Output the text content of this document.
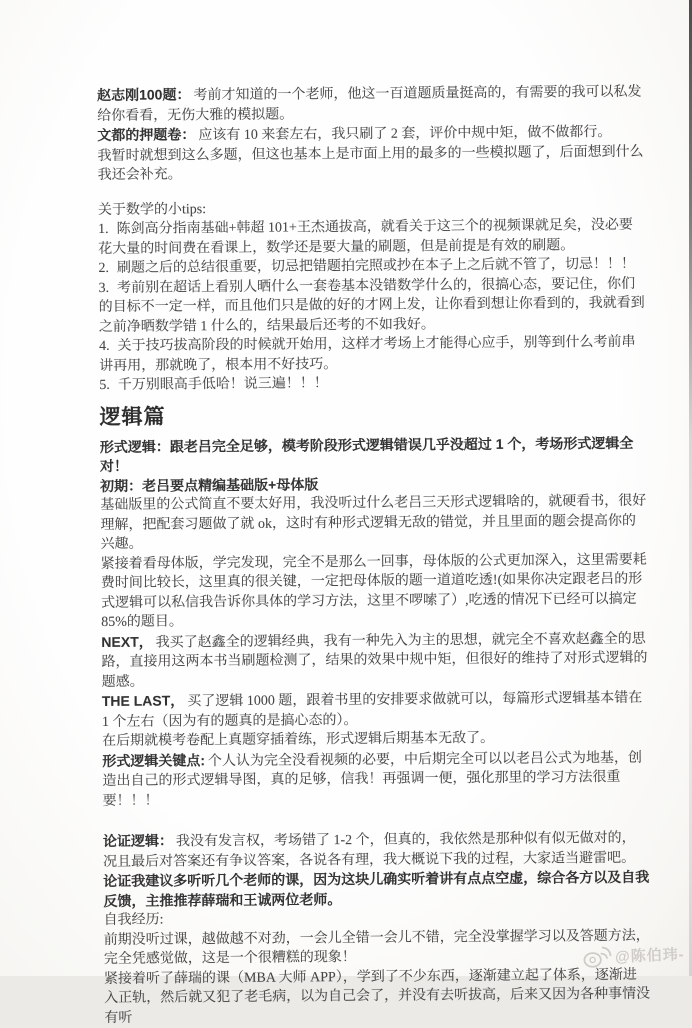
赵志刚100题： 考前才知道的一个老师，他这一百道题质量挺高的，有需要的我可以私发给你看看，无伤大雅的模拟题。

文都的押题卷： 应该有 10 来套左右，我只刷了 2 套，评价中规中矩，做不做都行。

我暂时就想到这么多题，但这也基本上是市面上用的最多的一些模拟题了，后面想到什么我还会补充。

关于数学的小tips:

1. 陈剑高分指南基础+韩超 101+王杰通拔高，就看关于这三个的视频课就足矣，没必要花大量的时间费在看课上，数学还是要大量的刷题，但是前提是有效的刷题。

2. 刷题之后的总结很重要，切忌把错题拍完照或抄在本子上之后就不管了，切忌！！！

3. 考前别在超话上看别人晒什么一套卷基本没错数学什么的，很搞心态，要记住，你们的目标不一定一样，而且他们只是做的好的才网上发，让你看到想让你看到的，我就看到之前净晒数学错 1 什么的，结果最后还考的不如我好。

4. 关于技巧拔高阶段的时候就开始用，这样才考场上才能得心应手，别等到什么考前串讲再用，那就晚了，根本用不好技巧。

5. 千万别眼高手低哈！说三遍！！！

逻辑篇

形式逻辑：跟老吕完全足够，模考阶段形式逻辑错误几乎没超过 1 个，考场形式逻辑全对！

初期：老吕要点精编基础版+母体版

基础版里的公式简直不要太好用，我没听过什么老吕三天形式逻辑啥的，就硬看书，很好理解，把配套习题做了就 ok，这时有种形式逻辑无敌的错觉，并且里面的题会提高你的兴趣。

紧接着看母体版，学完发现，完全不是那么一回事，母体版的公式更加深入，这里需要耗费时间比较长，这里真的很关键，一定把母体版的题一道道吃透!(如果你决定跟老吕的形式逻辑可以私信我告诉你具体的学习方法，这里不啰嗦了）,吃透的情况下已经可以搞定 85%的题目。

NEXT， 我买了赵鑫全的逻辑经典，我有一种先入为主的思想，就完全不喜欢赵鑫全的思路，直接用这两本书当刷题检测了，结果的效果中规中矩，但很好的维持了对形式逻辑的题感。

THE LAST， 买了逻辑 1000 题，跟着书里的安排要求做就可以，每篇形式逻辑基本错在 1 个左右（因为有的题真的是搞心态的）。

在后期就模考卷配上真题穿插着练，形式逻辑后期基本无敌了。

形式逻辑关键点: 个人认为完全没看视频的必要，中后期完全可以以老吕公式为地基，创造出自己的形式逻辑导图，真的足够，信我！再强调一便，强化那里的学习方法很重要！！！

论证逻辑： 我没有发言权，考场错了 1-2 个，但真的，我依然是那种似有似无做对的，况且最后对答案还有争议答案，各说各有理，我大概说下我的过程，大家适当避雷吧。

论证我建议多听听几个老师的课，因为这块儿确实听着讲有点点空虚，综合各方以及自我反馈，主推推荐薛瑞和王诚两位老师。

自我经历:

前期没听过课，越做越不对劲，一会儿全错一会儿不错，完全没掌握学习以及答题方法，完全凭感觉做，这是一个很糟糕的现象！

紧接着听了薛瑞的课（MBA 大师 APP），学到了不少东西，逐渐建立起了体系，逐渐进入正轨，然后就又犯了老毛病，以为自己会了，并没有去听拔高，后来又因为各种事情没有听

@陈伯玮-
